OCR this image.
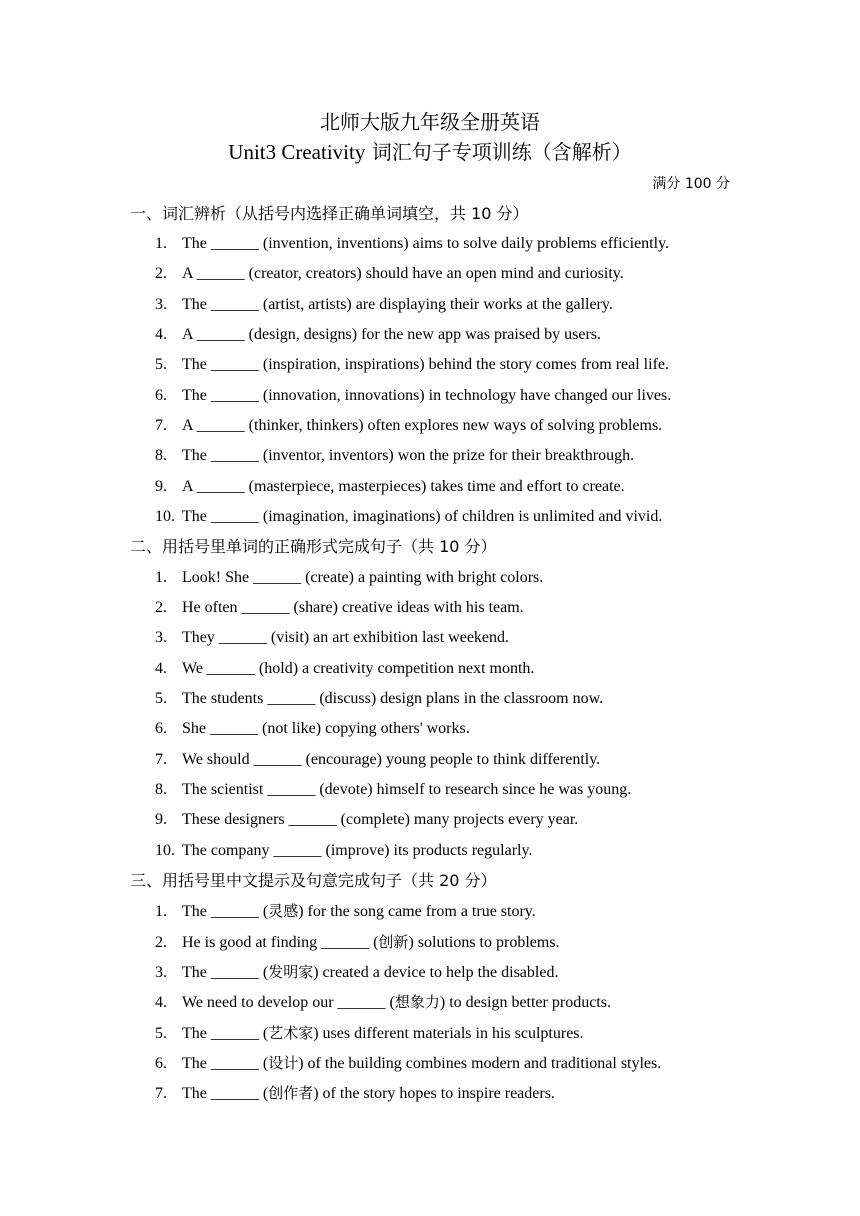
北师大版九年级全册英语
Unit3 Creativity 词汇句子专项训练（含解析）
满分 100 分
一、词汇辨析（从括号内选择正确单词填空，共 10 分）
1. The ______ (invention, inventions) aims to solve daily problems efficiently.
2. A ______ (creator, creators) should have an open mind and curiosity.
3. The ______ (artist, artists) are displaying their works at the gallery.
4. A ______ (design, designs) for the new app was praised by users.
5. The ______ (inspiration, inspirations) behind the story comes from real life.
6. The ______ (innovation, innovations) in technology have changed our lives.
7. A ______ (thinker, thinkers) often explores new ways of solving problems.
8. The ______ (inventor, inventors) won the prize for their breakthrough.
9. A ______ (masterpiece, masterpieces) takes time and effort to create.
10. The ______ (imagination, imaginations) of children is unlimited and vivid.
二、用括号里单词的正确形式完成句子（共 10 分）
1. Look! She ______ (create) a painting with bright colors.
2. He often ______ (share) creative ideas with his team.
3. They ______ (visit) an art exhibition last weekend.
4. We ______ (hold) a creativity competition next month.
5. The students ______ (discuss) design plans in the classroom now.
6. She ______ (not like) copying others' works.
7. We should ______ (encourage) young people to think differently.
8. The scientist ______ (devote) himself to research since he was young.
9. These designers ______ (complete) many projects every year.
10. The company ______ (improve) its products regularly.
三、用括号里中文提示及句意完成句子（共 20 分）
1. The ______ (灵感) for the song came from a true story.
2. He is good at finding ______ (创新) solutions to problems.
3. The ______ (发明家) created a device to help the disabled.
4. We need to develop our ______ (想象力) to design better products.
5. The ______ (艺术家) uses different materials in his sculptures.
6. The ______ (设计) of the building combines modern and traditional styles.
7. The ______ (创作者) of the story hopes to inspire readers.
